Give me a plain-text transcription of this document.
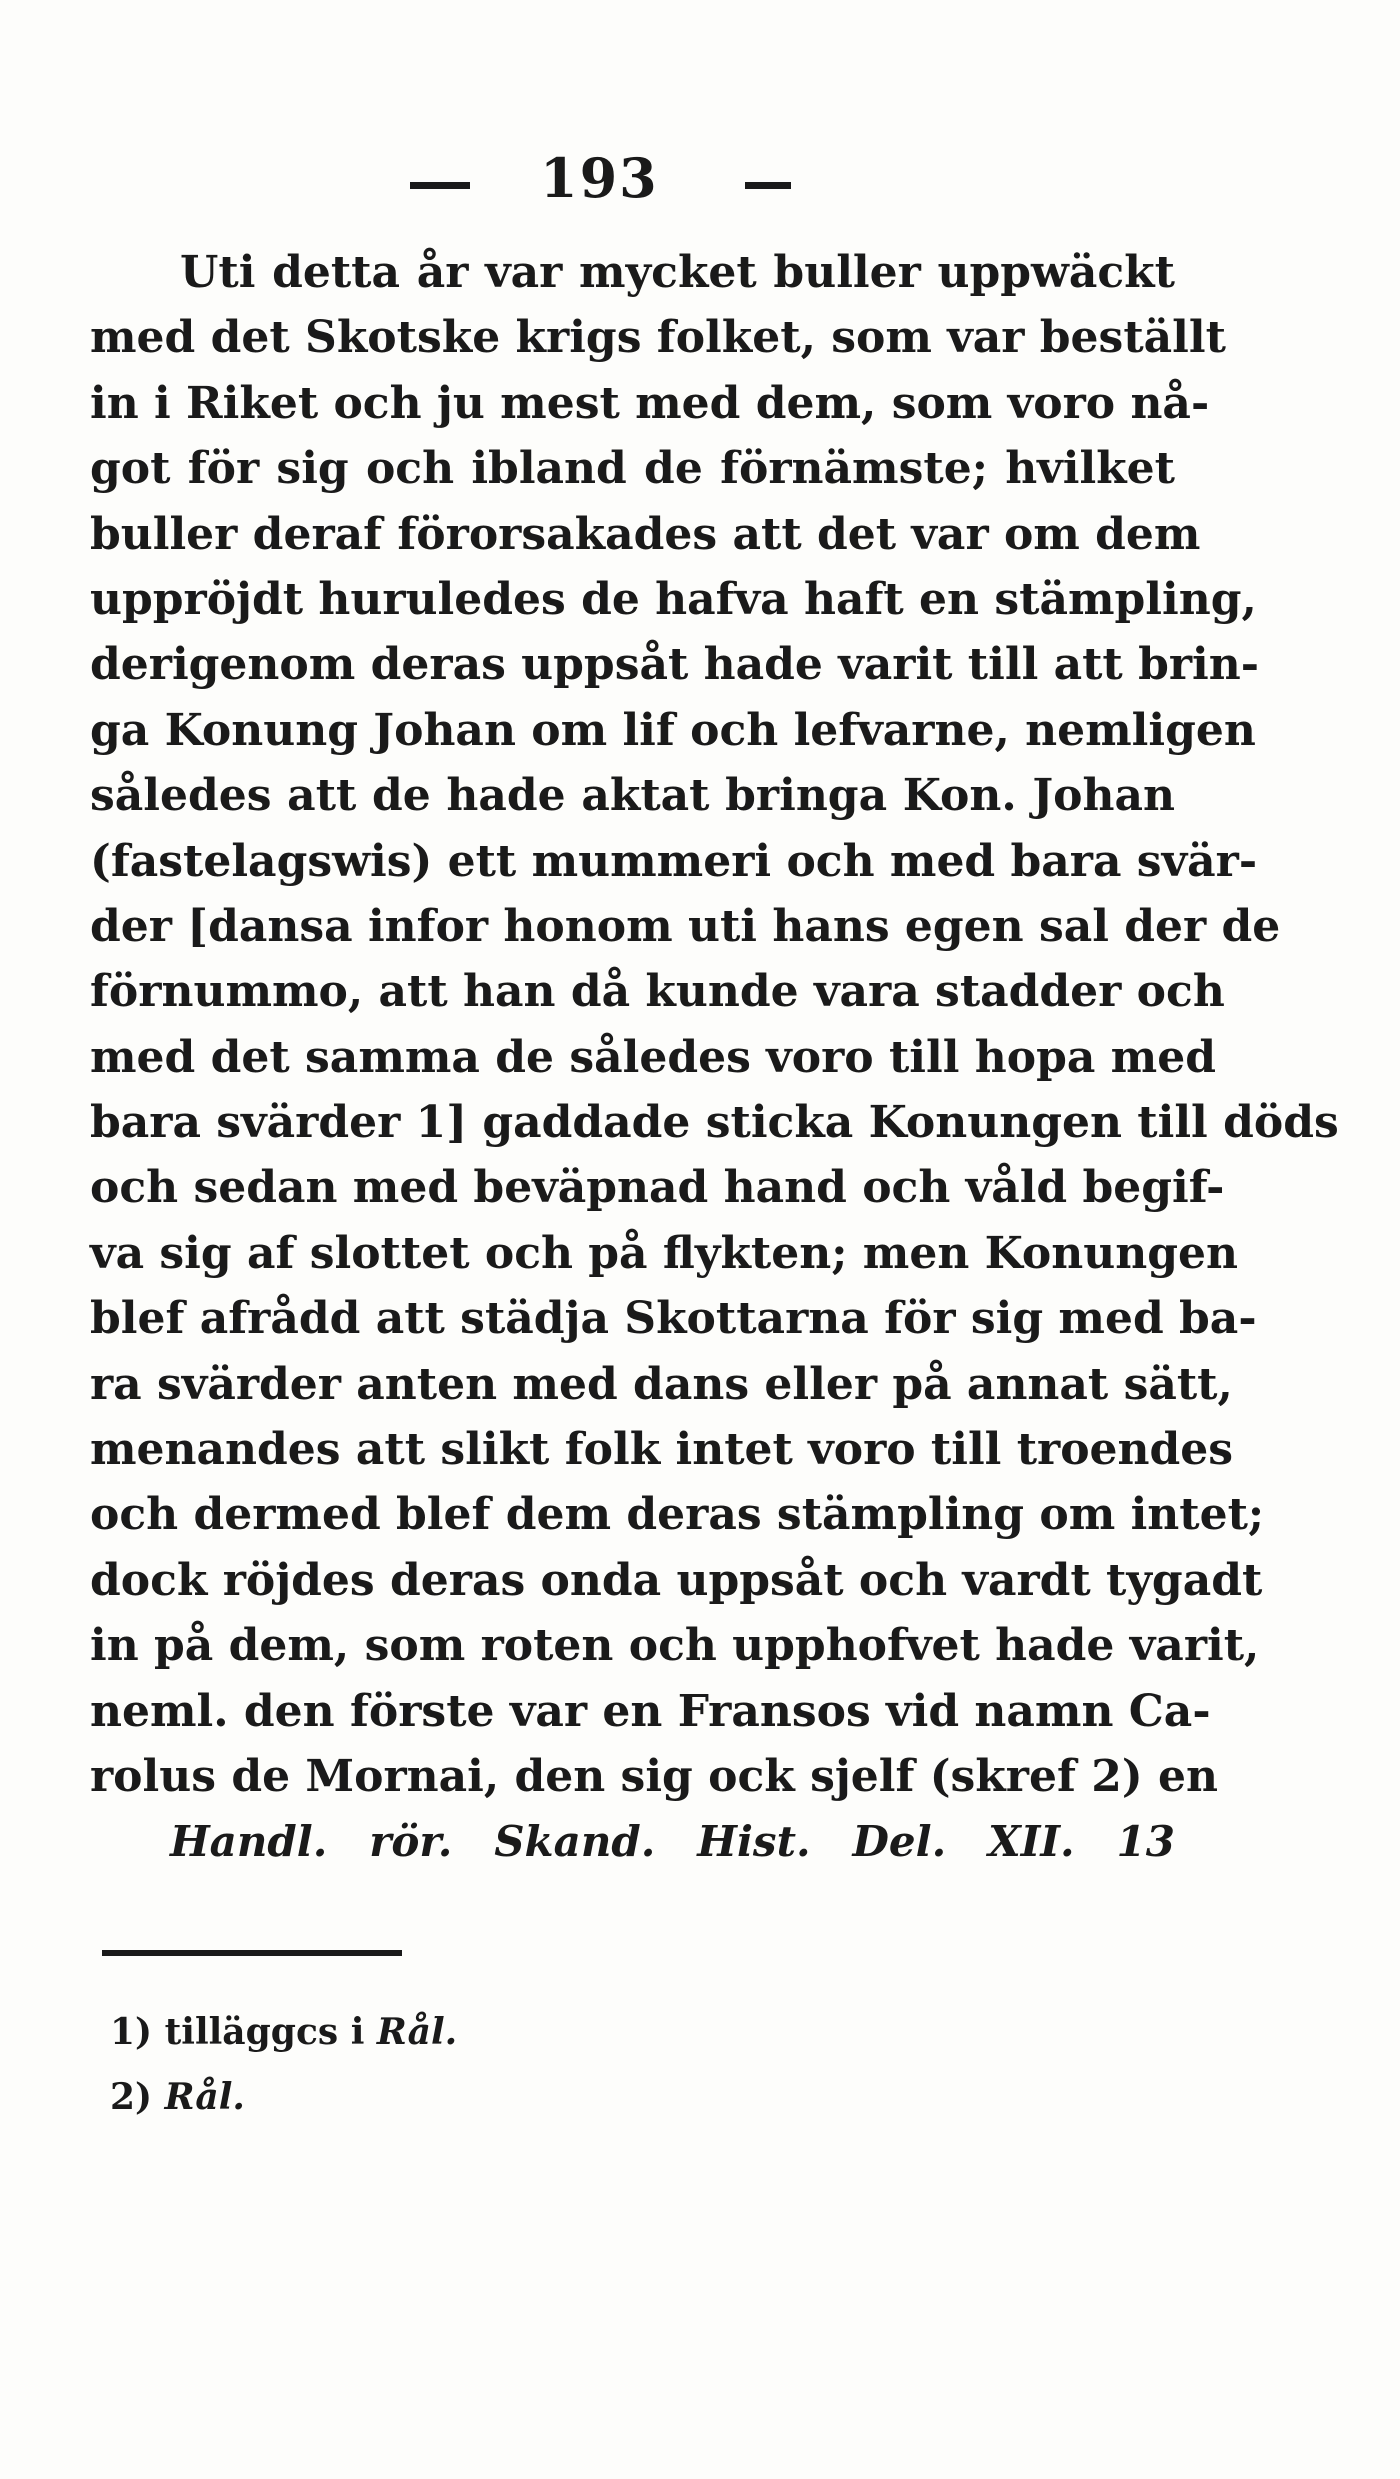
193
Uti detta år var mycket buller uppwäckt
med det Skotske krigs folket, som var beställt
in i Riket och ju mest med dem, som voro nå-
got för sig och ibland de förnämste; hvilket
buller deraf förorsakades att det var om dem
uppröjdt huruledes de hafva haft en stämpling,
derigenom deras uppsåt hade varit till att brin-
ga Konung Johan om lif och lefvarne, nemligen
således att de hade aktat bringa Kon. Johan
(fastelagswis) ett mummeri och med bara svär-
der [dansa infor honom uti hans egen sal der de
förnummo, att han då kunde vara stadder och
med det samma de således voro till hopa med
bara svärder 1] gaddade sticka Konungen till döds
och sedan med beväpnad hand och våld begif-
va sig af slottet och på flykten; men Konungen
blef afrådd att städja Skottarna för sig med ba-
ra svärder anten med dans eller på annat sätt,
menandes att slikt folk intet voro till troendes
och dermed blef dem deras stämpling om intet;
dock röjdes deras onda uppsåt och vardt tygadt
in på dem, som roten och upphofvet hade varit,
neml. den förste var en Fransos vid namn Ca-
rolus de Mornai, den sig ock sjelf (skref 2) en
Handl. rör. Skand. Hist. Del. XII. 13
1) tilläggcs i Rål.
2) Rål.
